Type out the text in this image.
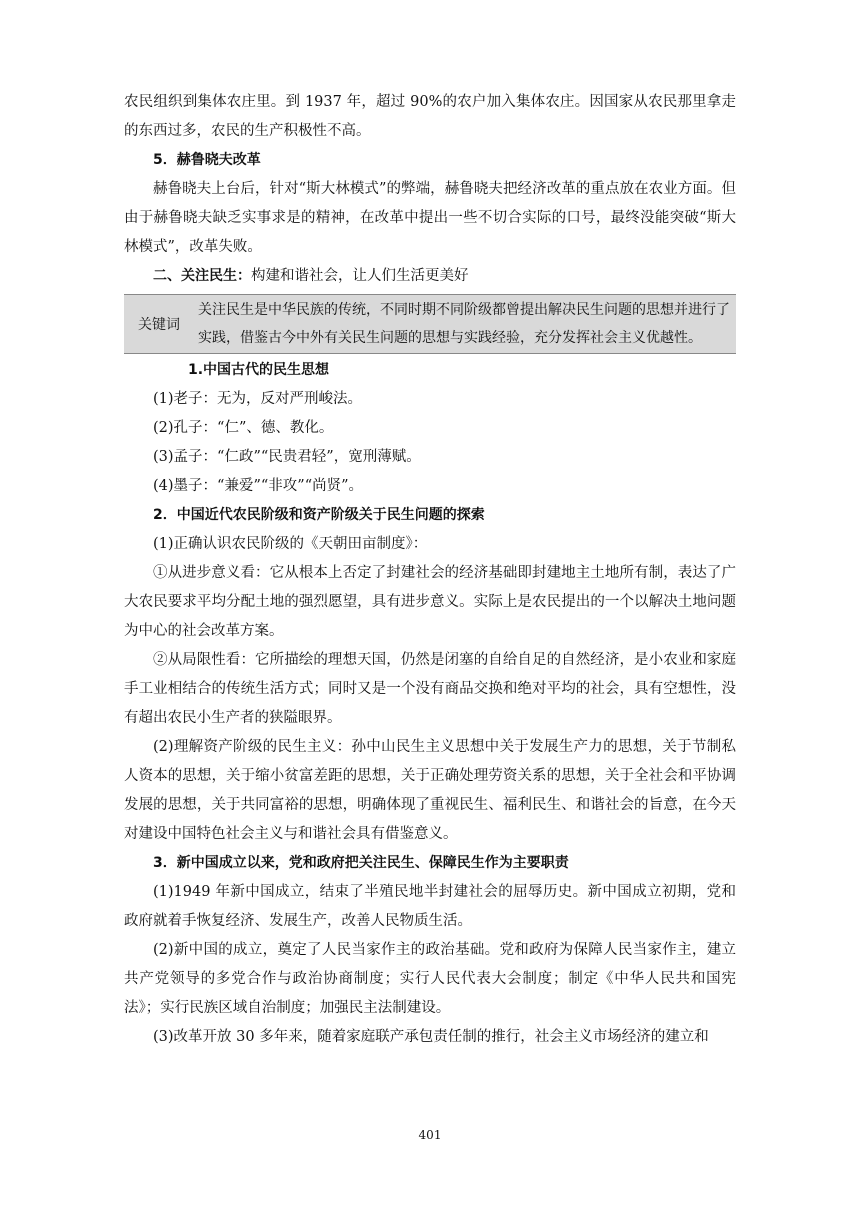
农民组织到集体农庄里。到 1937 年，超过 90%的农户加入集体农庄。因国家从农民那里拿走的东西过多，农民的生产积极性不高。

5．赫鲁晓夫改革

赫鲁晓夫上台后，针对“斯大林模式”的弊端，赫鲁晓夫把经济改革的重点放在农业方面。但由于赫鲁晓夫缺乏实事求是的精神，在改革中提出一些不切合实际的口号，最终没能突破“斯大林模式”，改革失败。

二、关注民生：构建和谐社会，让人们生活更美好

关键词
关注民生是中华民族的传统，不同时期不同阶级都曾提出解决民生问题的思想并进行了实践，借鉴古今中外有关民生问题的思想与实践经验，充分发挥社会主义优越性。

1.中国古代的民生思想

(1)老子：无为，反对严刑峻法。

(2)孔子：“仁”、德、教化。

(3)孟子：“仁政”“民贵君轻”，宽刑薄赋。

(4)墨子：“兼爱”“非攻”“尚贤”。

2．中国近代农民阶级和资产阶级关于民生问题的探索

(1)正确认识农民阶级的《天朝田亩制度》：

①从进步意义看：它从根本上否定了封建社会的经济基础即封建地主土地所有制，表达了广大农民要求平均分配土地的强烈愿望，具有进步意义。实际上是农民提出的一个以解决土地问题为中心的社会改革方案。

②从局限性看：它所描绘的理想天国，仍然是闭塞的自给自足的自然经济，是小农业和家庭手工业相结合的传统生活方式；同时又是一个没有商品交换和绝对平均的社会，具有空想性，没有超出农民小生产者的狭隘眼界。

(2)理解资产阶级的民生主义：孙中山民生主义思想中关于发展生产力的思想，关于节制私人资本的思想，关于缩小贫富差距的思想，关于正确处理劳资关系的思想，关于全社会和平协调发展的思想，关于共同富裕的思想，明确体现了重视民生、福利民生、和谐社会的旨意，在今天对建设中国特色社会主义与和谐社会具有借鉴意义。

3．新中国成立以来，党和政府把关注民生、保障民生作为主要职责

(1)1949 年新中国成立，结束了半殖民地半封建社会的屈辱历史。新中国成立初期，党和政府就着手恢复经济、发展生产，改善人民物质生活。

(2)新中国的成立，奠定了人民当家作主的政治基础。党和政府为保障人民当家作主，建立共产党领导的多党合作与政治协商制度；实行人民代表大会制度；制定《中华人民共和国宪法》；实行民族区域自治制度；加强民主法制建设。

(3)改革开放 30 多年来，随着家庭联产承包责任制的推行，社会主义市场经济的建立和

401
